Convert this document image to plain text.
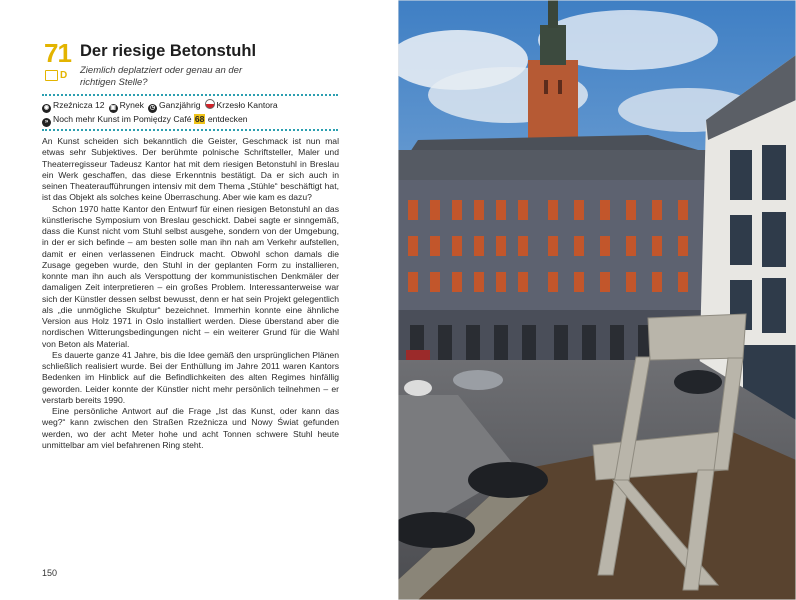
71
D
Der riesige Betonstuhl
Ziemlich deplatziert oder genau an der richtigen Stelle?
◉ Rzeźnicza 12 ▣ Rynek ◷ Ganzjährig Krzesło Kantora
» Noch mehr Kunst im Pomiędzy Café 68 entdecken

An Kunst scheiden sich bekanntlich die Geister, Geschmack ist nun mal etwas sehr Subjektives. Der berühmte polnische Schriftsteller, Maler und Theaterregisseur Tadeusz Kantor hat mit dem riesigen Betonstuhl in Breslau ein Werk geschaffen, das diese Erkenntnis bestätigt. Da er sich auch in seinen Theateraufführungen intensiv mit dem Thema „Stühle“ beschäftigt hat, ist das Objekt als solches keine Überraschung. Aber wie kam es dazu?

Schon 1970 hatte Kantor den Entwurf für einen riesigen Betonstuhl an das künstlerische Symposium von Breslau geschickt. Dabei sagte er sinngemäß, dass die Kunst nicht vom Stuhl selbst ausgehe, sondern von der Umgebung, in der er sich befinde – am besten solle man ihn nah am Verkehr aufstellen, damit er einen verlassenen Eindruck macht. Obwohl schon damals die Zusage gegeben wurde, den Stuhl in der geplanten Form zu installieren, konnte man ihn auch als Verspottung der kommunistischen Denkmäler der damaligen Zeit interpretieren – ein großes Problem. Interessanterweise war sich der Künstler dessen selbst bewusst, denn er hat sein Projekt gelegentlich als „die unmögliche Skulptur“ bezeichnet. Immerhin konnte eine ähnliche Version aus Holz 1971 in Oslo installiert werden. Diese überstand aber die nordischen Witterungsbedingungen nicht – ein weiterer Grund für die Wahl von Beton als Material.

Es dauerte ganze 41 Jahre, bis die Idee gemäß den ursprünglichen Plänen schließlich realisiert wurde. Bei der Enthüllung im Jahre 2011 waren Kantors Bedenken im Hinblick auf die Befindlichkeiten des alten Regimes hinfällig geworden. Leider konnte der Künstler nicht mehr persönlich teilnehmen – er verstarb bereits 1990.

Eine persönliche Antwort auf die Frage „Ist das Kunst, oder kann das weg?“ kann zwischen den Straßen Rzeźnicza und Nowy Świat gefunden werden, wo der acht Meter hohe und acht Tonnen schwere Stuhl heute unmittelbar am viel befahrenen Ring steht.

150
